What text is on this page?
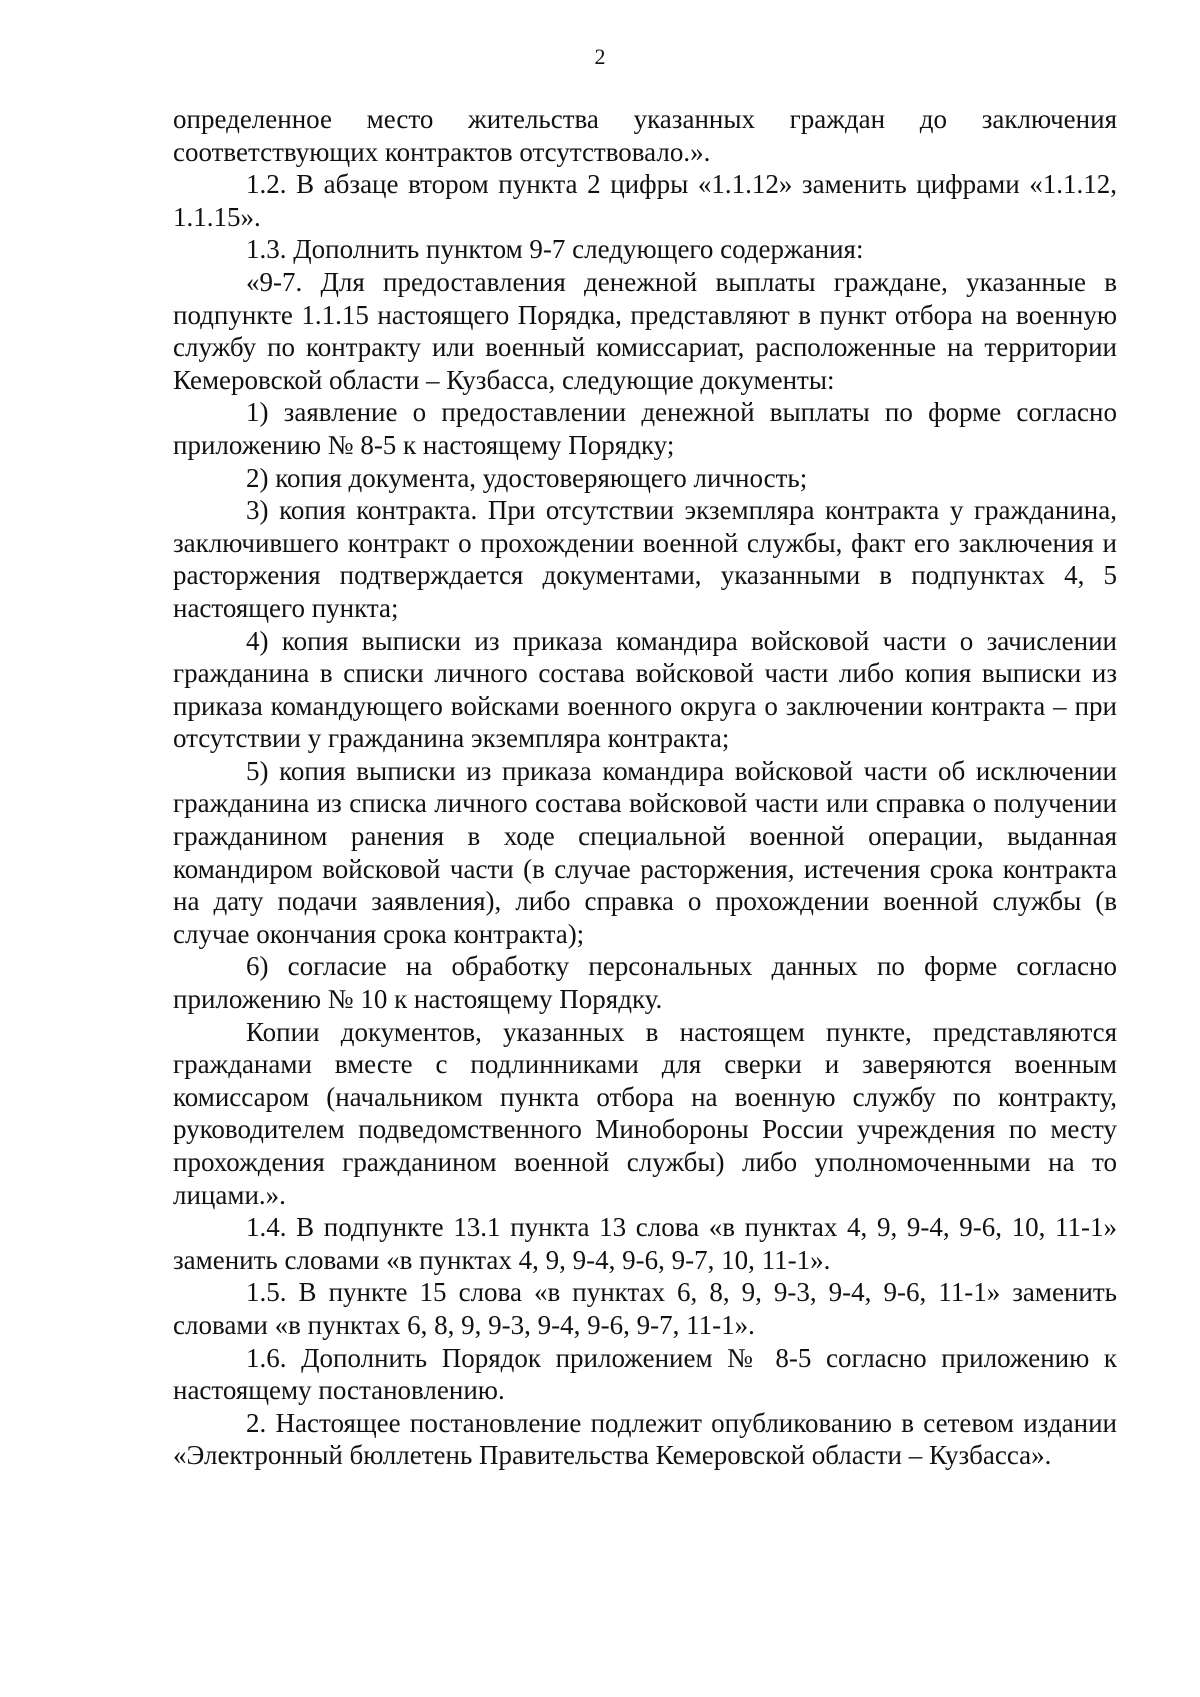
2

определенное место жительства указанных граждан до заключения соответствующих контрактов отсутствовало.».

1.2. В абзаце втором пункта 2 цифры «1.1.12» заменить цифрами «1.1.12, 1.1.15».

1.3. Дополнить пунктом 9-7 следующего содержания:

«9-7. Для предоставления денежной выплаты граждане, указанные в подпункте 1.1.15 настоящего Порядка, представляют в пункт отбора на военную службу по контракту или военный комиссариат, расположенные на территории Кемеровской области – Кузбасса, следующие документы:

1) заявление о предоставлении денежной выплаты по форме согласно приложению № 8-5 к настоящему Порядку;

2) копия документа, удостоверяющего личность;

3) копия контракта. При отсутствии экземпляра контракта у гражданина, заключившего контракт о прохождении военной службы, факт его заключения и расторжения подтверждается документами, указанными в подпунктах 4, 5 настоящего пункта;

4) копия выписки из приказа командира войсковой части о зачислении гражданина в списки личного состава войсковой части либо копия выписки из приказа командующего войсками военного округа о заключении контракта – при отсутствии у гражданина экземпляра контракта;

5) копия выписки из приказа командира войсковой части об исключении гражданина из списка личного состава войсковой части или справка о получении гражданином ранения в ходе специальной военной операции, выданная командиром войсковой части (в случае расторжения, истечения срока контракта на дату подачи заявления), либо справка о прохождении военной службы (в случае окончания срока контракта);

6) согласие на обработку персональных данных по форме согласно приложению № 10 к настоящему Порядку.

Копии документов, указанных в настоящем пункте, представляются гражданами вместе с подлинниками для сверки и заверяются военным комиссаром (начальником пункта отбора на военную службу по контракту, руководителем подведомственного Минобороны России учреждения по месту прохождения гражданином военной службы) либо уполномоченными на то лицами.».

1.4. В подпункте 13.1 пункта 13 слова «в пунктах 4, 9, 9-4, 9-6, 10, 11-1» заменить словами «в пунктах 4, 9, 9-4, 9-6, 9-7, 10, 11-1».

1.5. В пункте 15 слова «в пунктах 6, 8, 9, 9-3, 9-4, 9-6, 11-1» заменить словами «в пунктах 6, 8, 9, 9-3, 9-4, 9-6, 9-7, 11-1».

1.6. Дополнить Порядок приложением № 8-5 согласно приложению к настоящему постановлению.

2. Настоящее постановление подлежит опубликованию в сетевом издании «Электронный бюллетень Правительства Кемеровской области – Кузбасса».
